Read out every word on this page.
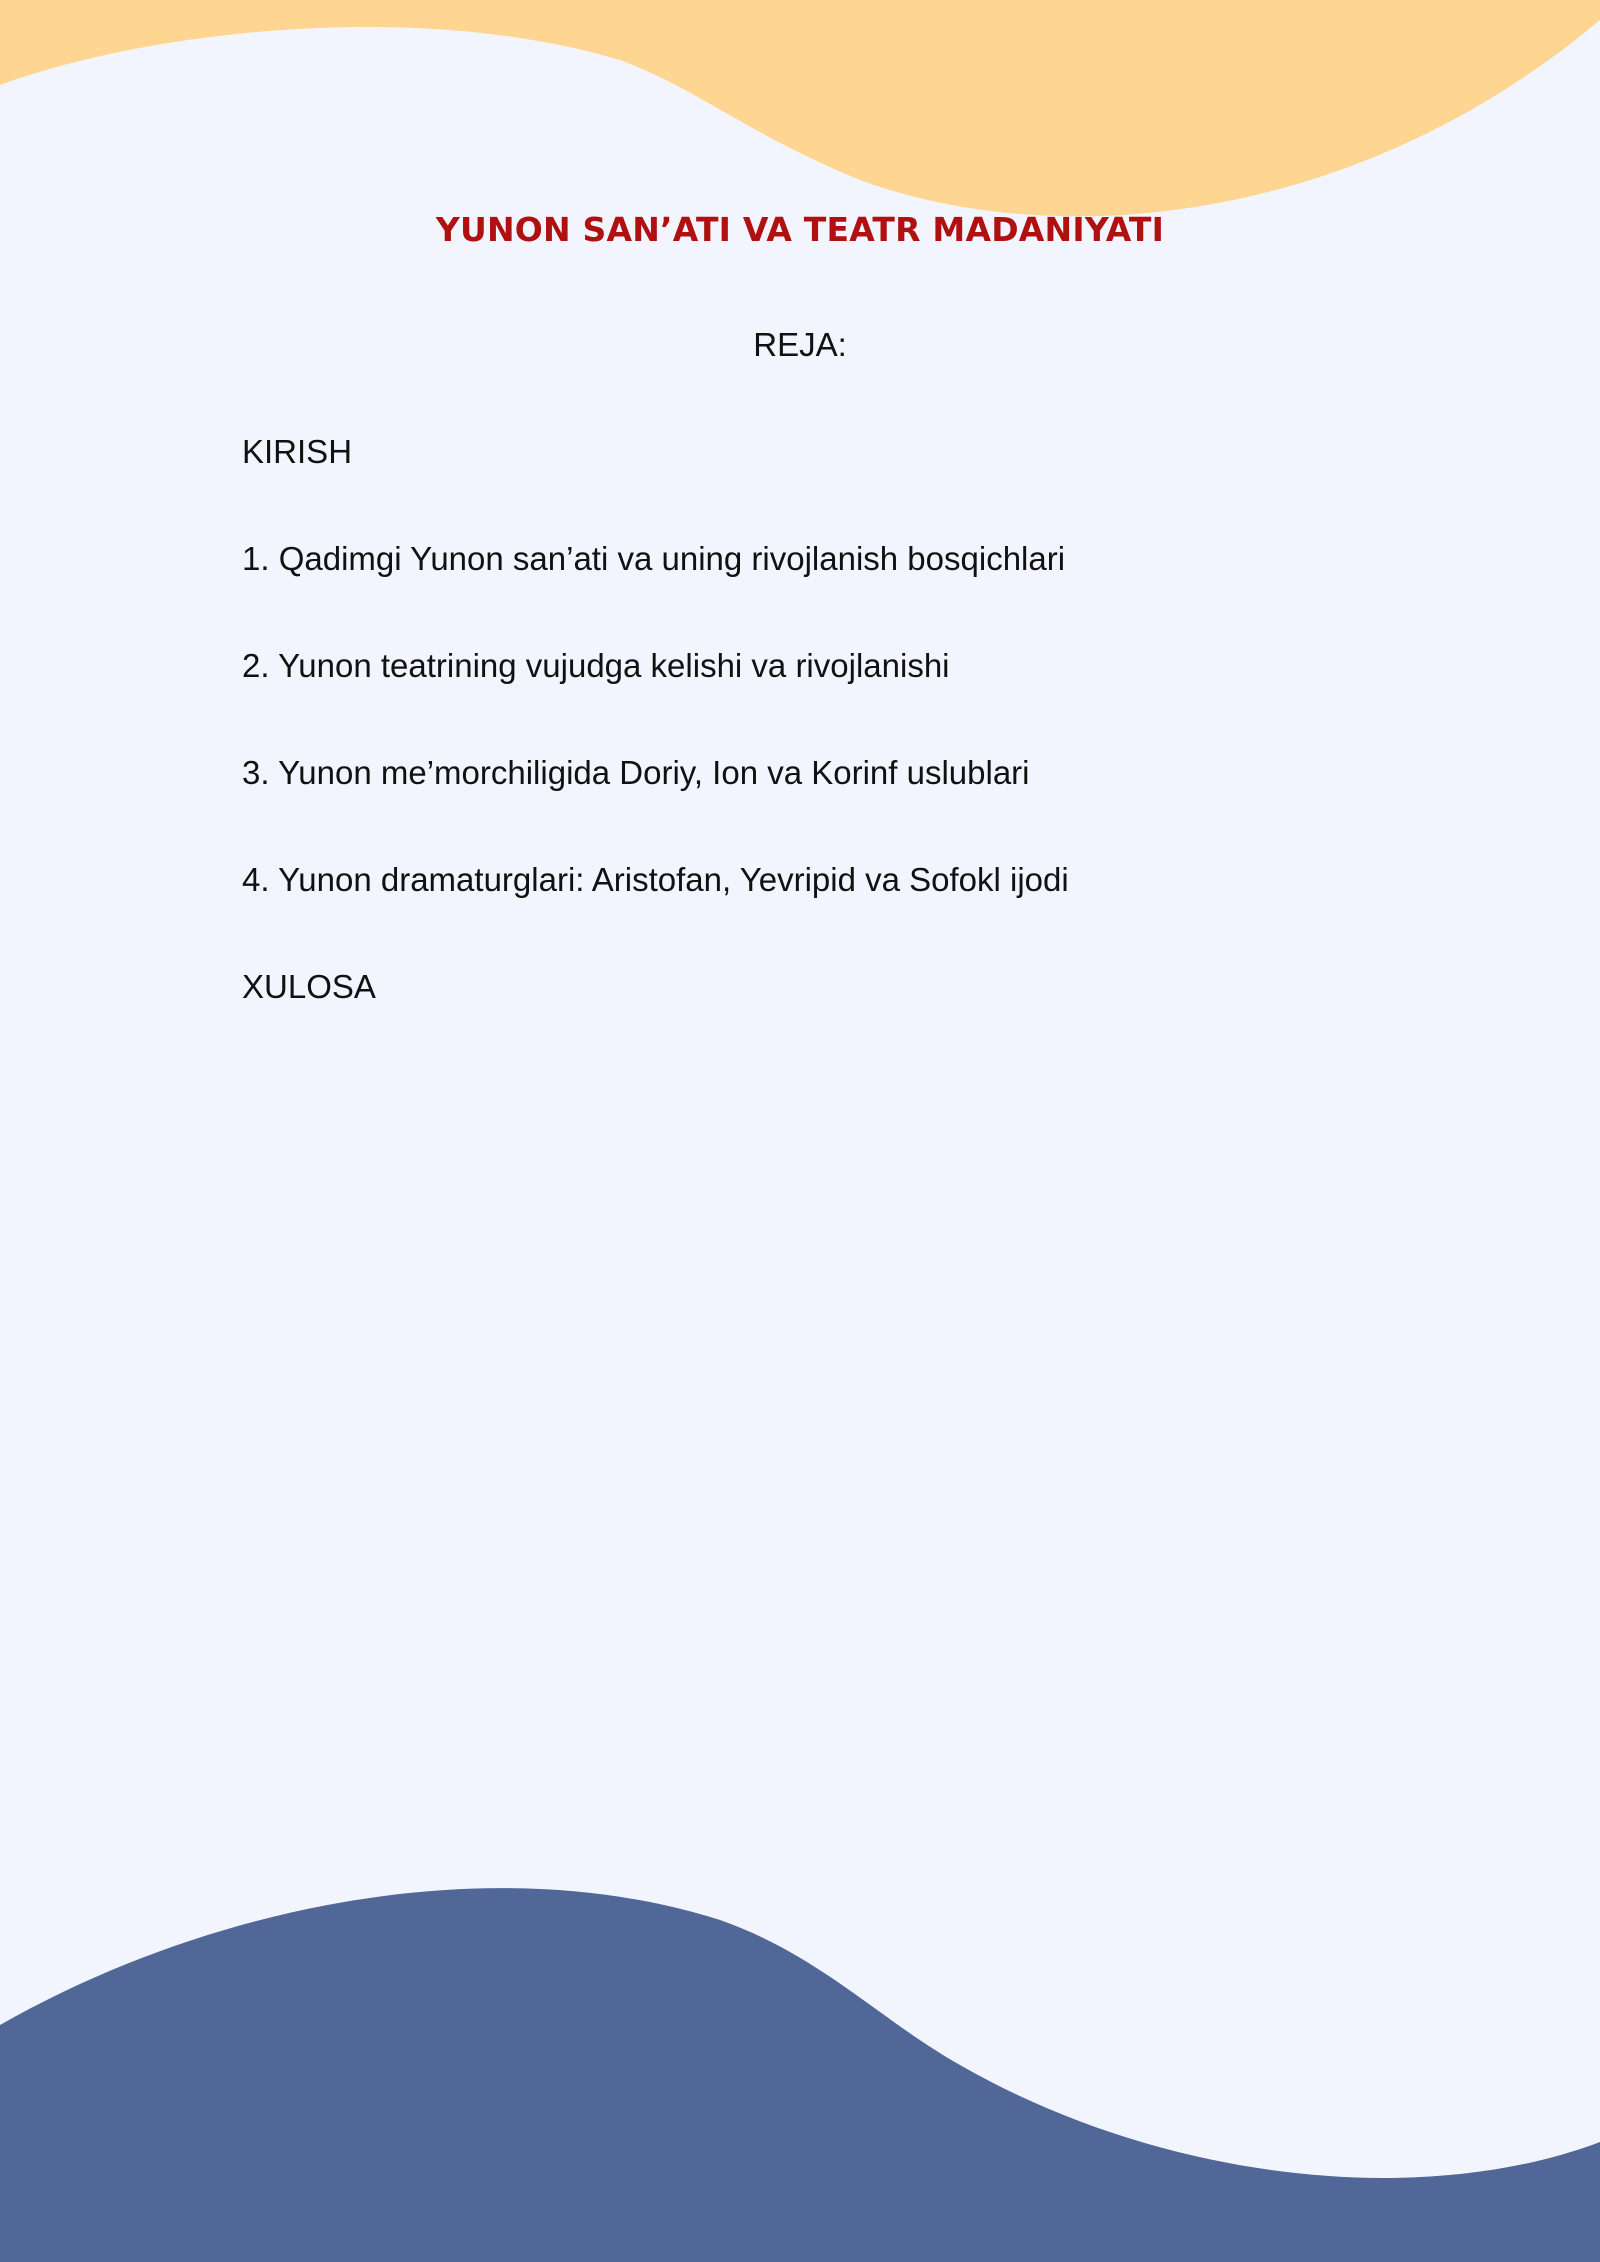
YUNON SAN’ATI VA TEATR MADANIYATI
REJA:
KIRISH
1. Qadimgi Yunon san’ati va uning rivojlanish bosqichlari
2. Yunon teatrining vujudga kelishi va rivojlanishi
3. Yunon me’morchiligida Doriy, Ion va Korinf uslublari
4. Yunon dramaturglari: Aristofan, Yevripid va Sofokl ijodi
XULOSA
